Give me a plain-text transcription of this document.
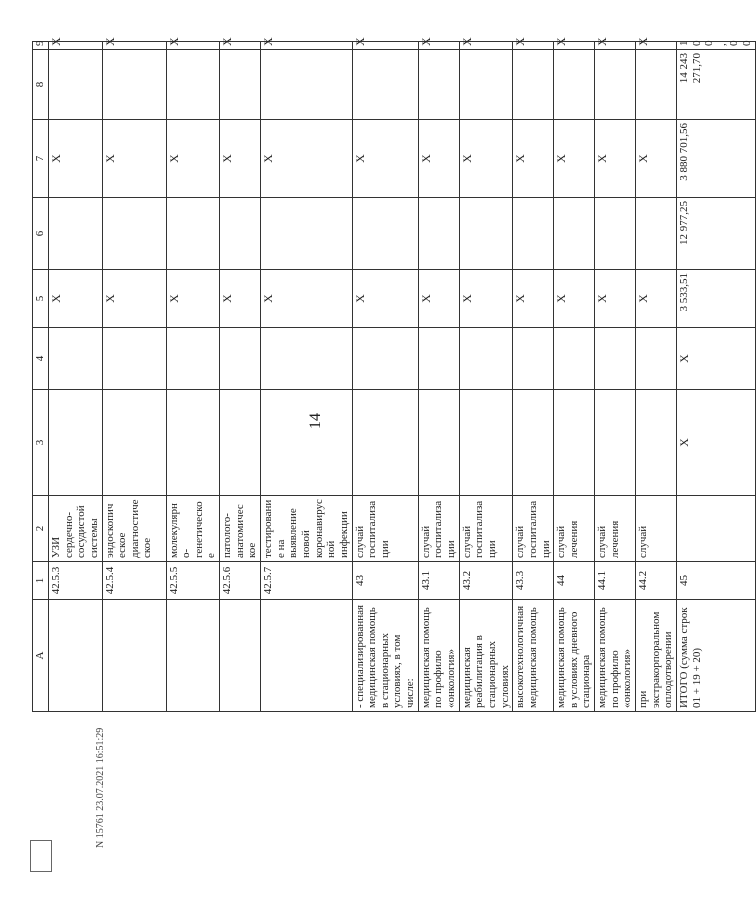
14
A	1	2	3	4	5	6	7	8	9
	42.5.3	УЗИ сердечно-сосудистой системы			X		X		X
	42.5.4	эндоскопическое диагностическое			X		X		X
	42.5.5	молекулярно-генетическое			X		X		X
	42.5.6	патолого-анатомическое			X		X		X
	42.5.7	тестирование на выявление новой коронавирусной инфекции			X		X		X
- специализированная медицинская помощь в стационарных условиях, в том числе:	43	случай госпитализации			X		X		X
медицинская помощь по профилю «онкология»	43.1	случай госпитализации			X		X		X
медицинская реабилитация в стационарных условиях	43.2	случай госпитализации			X		X		X
высокотехнологичная медицинская помощь	43.3	случай госпитализации			X		X		X
медицинская помощь в условиях дневного стационара	44	случай лечения			X		X		X
медицинская помощь по профилю «онкология»	44.1	случай лечения			X		X		X
при экстракорпоральном оплодотворении	44.2	случай			X		X		X
ИТОГО (сумма строк 01 + 19 + 20)	45		X	X	3 533,51	12 977,25	3 880 701,56	14 243 271,70	100,00
N 15761 23.07.2021 16:51:29
